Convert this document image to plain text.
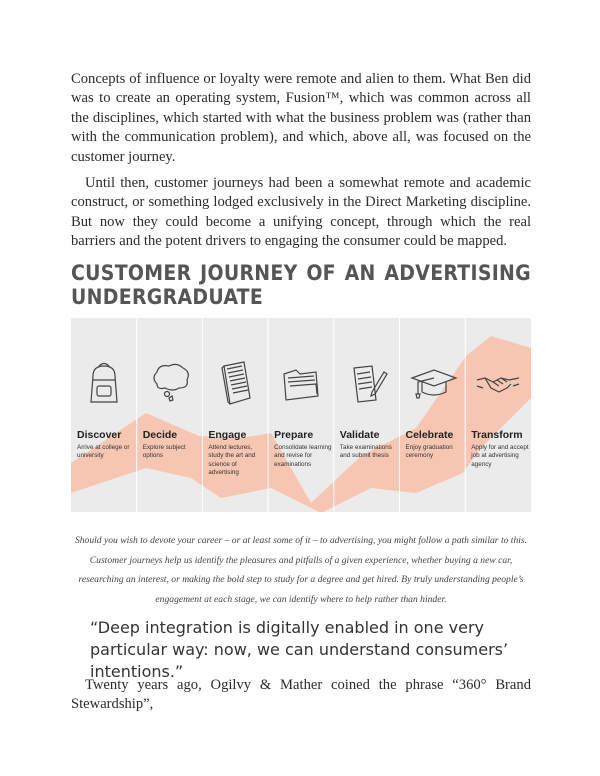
Concepts of influence or loyalty were remote and alien to them. What Ben did was to create an operating system, Fusion™, which was common across all the disciplines, which started with what the business problem was (rather than with the communication problem), and which, above all, was focused on the customer journey.
Until then, customer journeys had been a somewhat remote and academic construct, or something lodged exclusively in the Direct Marketing discipline. But now they could become a unifying concept, through which the real barriers and the potent drivers to engaging the consumer could be mapped.
CUSTOMER JOURNEY OF AN ADVERTISING
UNDERGRADUATE
Discover
Arrive at college or university
Decide
Explore subject options
Engage
Attend lectures, study the art and science of advertising
Prepare
Consolidate learning and revise for examinations
Validate
Take examinations and submit thesis
Celebrate
Enjoy graduation ceremony
Transform
Apply for and accept job at advertising agency
Should you wish to devote your career – or at least some of it – to advertising, you might follow a path similar to this. Customer journeys help us identify the pleasures and pitfalls of a given experience, whether buying a new car, researching an interest, or making the bold step to study for a degree and get hired. By truly understanding people’s engagement at each stage, we can identify where to help rather than hinder.
“Deep integration is digitally enabled in one very particular way: now, we can understand consumers’ intentions.”
Twenty years ago, Ogilvy & Mather coined the phrase “360° Brand Stewardship”,
